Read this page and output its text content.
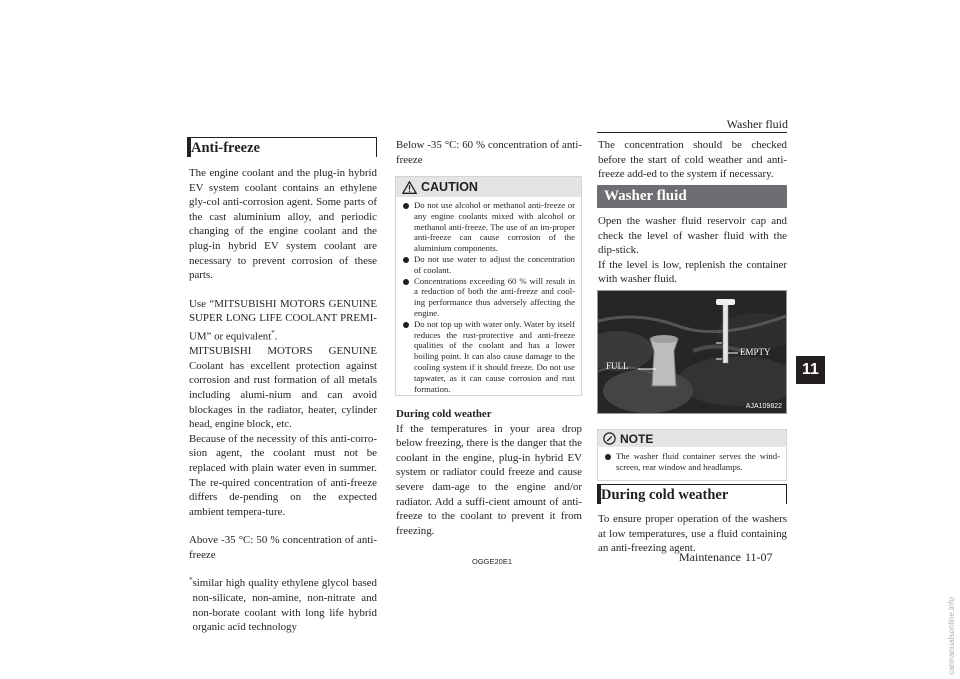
Washer fluid
11
Anti-freeze

The engine coolant and the plug-in hybrid EV system coolant contains an ethylene gly-col anti-corrosion agent. Some parts of the cast aluminium alloy, and periodic changing of the engine coolant and the plug-in hybrid EV system coolant are necessary to prevent corrosion of these parts.

Use “MITSUBISHI MOTORS GENUINE SUPER LONG LIFE COOLANT PREMI-UM” or equivalent*.

MITSUBISHI MOTORS GENUINE Coolant has excellent protection against corrosion and rust formation of all metals including alumi-nium and can avoid blockages in the radiator, heater, cylinder head, engine block, etc.

Because of the necessity of this anti-corro-sion agent, the coolant must not be replaced with plain water even in summer. The re-quired concentration of anti-freeze differs de-pending on the expected ambient tempera-ture.

Above -35 °C: 50 % concentration of anti-freeze

* similar high quality ethylene glycol based non-silicate, non-amine, non-nitrate and non-borate coolant with long life hybrid organic acid technology

Below -35 °C: 60 % concentration of anti-freeze

CAUTION
Do not use alcohol or methanol anti-freeze or any engine coolants mixed with alcohol or methanol anti-freeze. The use of an im-proper anti-freeze can cause corrosion of the aluminium components.
Do not use water to adjust the concentration of coolant.
Concentrations exceeding 60 % will result in a reduction of both the anti-freeze and cool-ing performance thus adversely affecting the engine.
Do not top up with water only. Water by itself reduces the rust-protective and anti-freeze qualities of the coolant and has a lower boiling point. It can also cause damage to the cooling system if it should freeze. Do not use tapwater, as it can cause corrosion and rust formation.

During cold weather

If the temperatures in your area drop below freezing, there is the danger that the coolant in the engine, plug-in hybrid EV system or radiator could freeze and cause severe dam-age to the engine and/or radiator. Add a suffi-cient amount of anti-freeze to the coolant to prevent it from freezing.

The concentration should be checked before the start of cold weather and anti-freeze add-ed to the system if necessary.

Washer fluid

Open the washer fluid reservoir cap and check the level of washer fluid with the dip-stick.

If the level is low, replenish the container with washer fluid.

FULL
EMPTY
AJA109822
NOTE
The washer fluid container serves the wind-screen, rear window and headlamps.
During cold weather

To ensure proper operation of the washers at low temperatures, use a fluid containing an anti-freezing agent.

OGGE20E1	Maintenance 11-07
carmanualsonline.info
